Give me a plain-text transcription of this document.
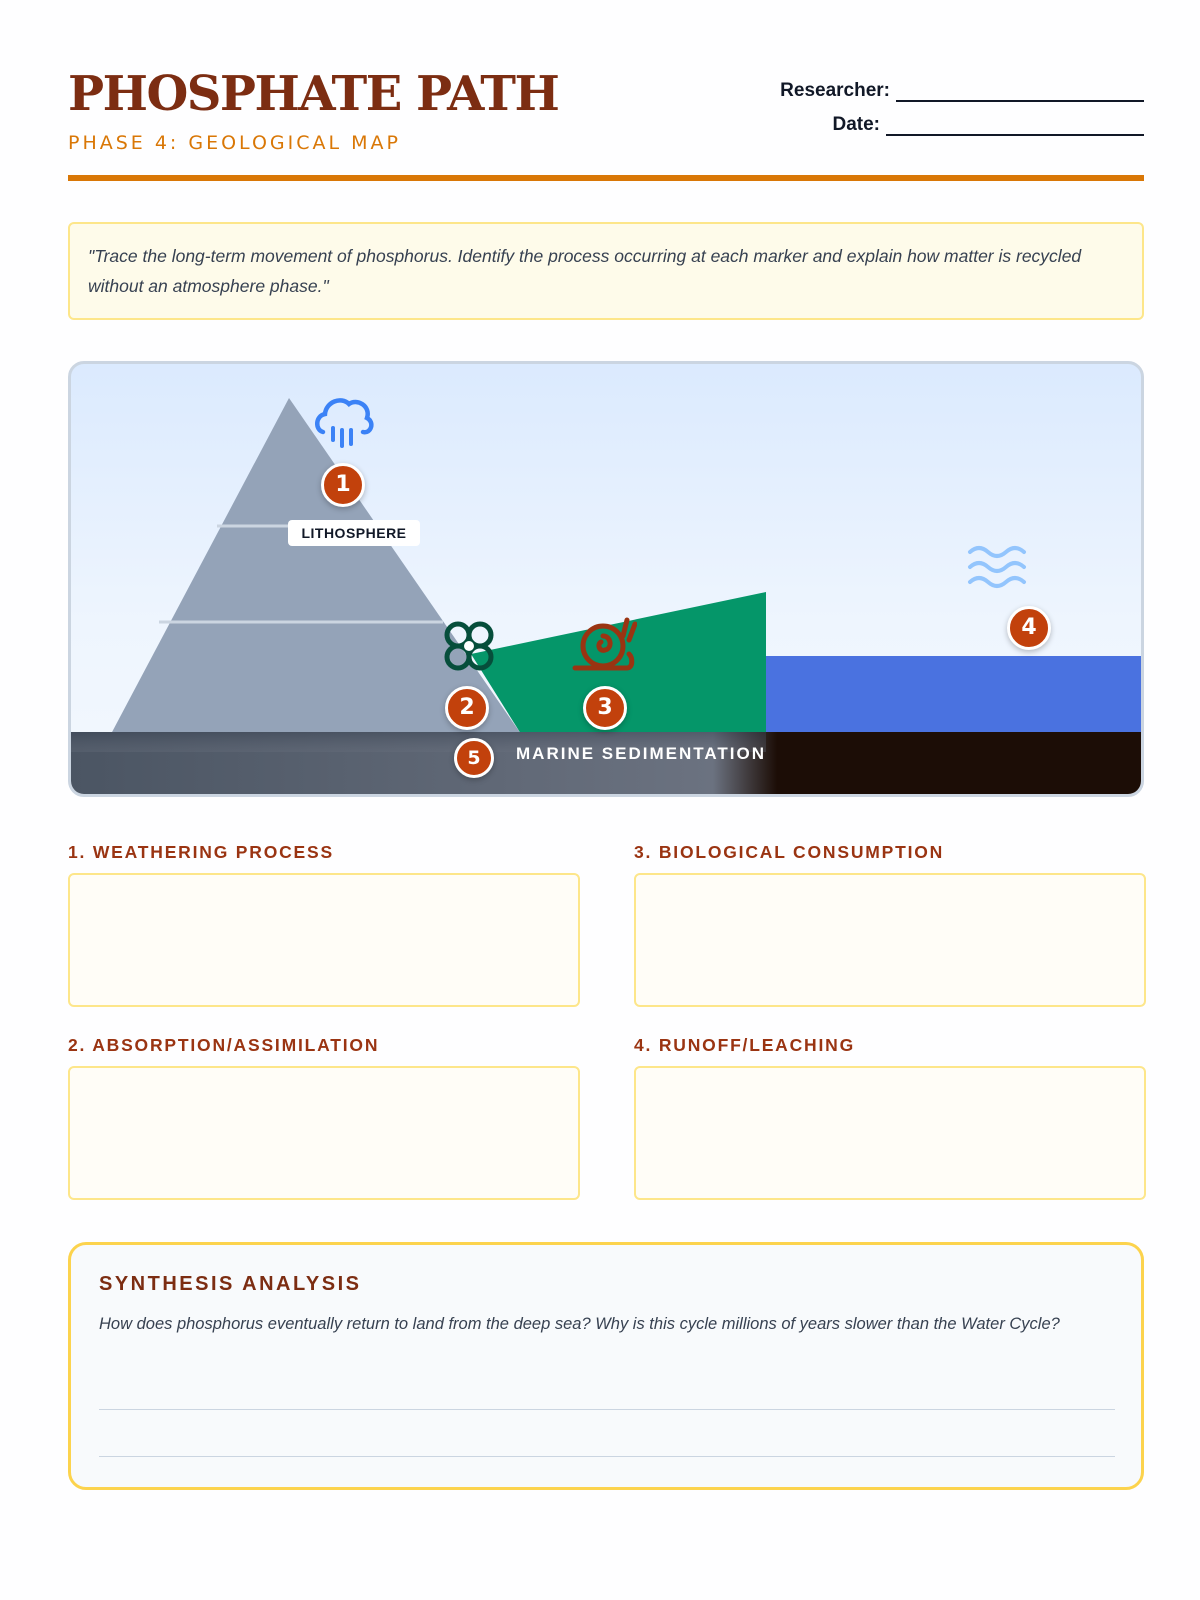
PHOSPHATE PATH
PHASE 4: GEOLOGICAL MAP
Researcher:
Date:
"Trace the long-term movement of phosphorus. Identify the process occurring at each marker and explain how matter is recycled without an atmosphere phase."
1
2	3
4
5
LITHOSPHERE
MARINE SEDIMENTATION
1. WEATHERING PROCESS	3. BIOLOGICAL CONSUMPTION
2. ABSORPTION/ASSIMILATION	4. RUNOFF/LEACHING
SYNTHESIS ANALYSIS
How does phosphorus eventually return to land from the deep sea? Why is this cycle millions of years slower than the Water Cycle?
